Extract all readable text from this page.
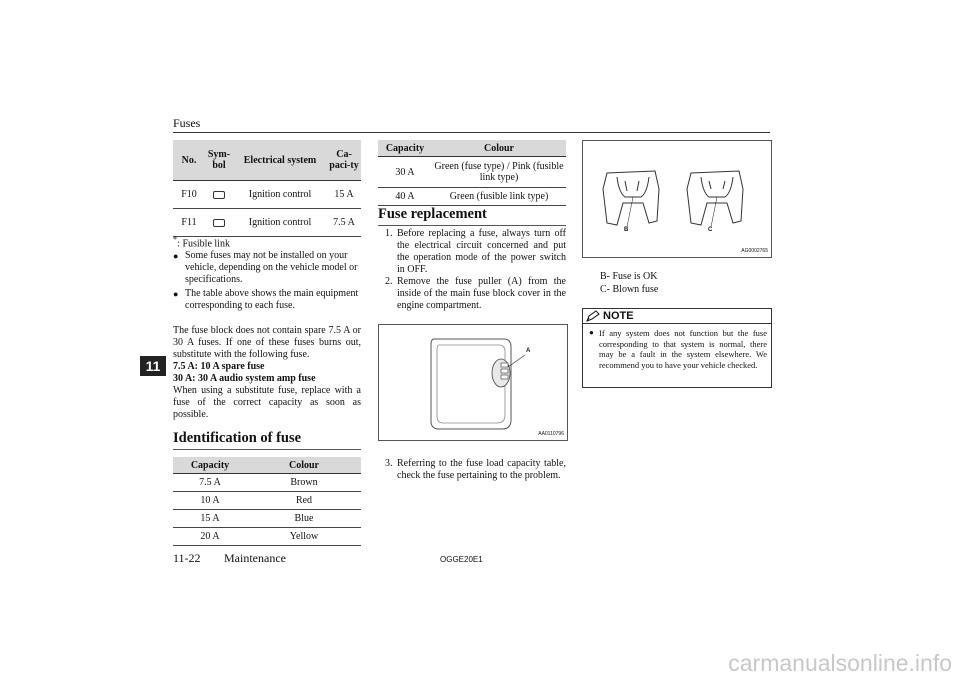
Fuses
11
No.	Sym-bol	Electrical system	Ca-paci-ty
F10		Ignition control	15 A
F11		Ignition control	7.5 A
*: Fusible link
● Some fuses may not be installed on your vehicle, depending on the vehicle model or specifications.
● The table above shows the main equipment corresponding to each fuse.
The fuse block does not contain spare 7.5 A or 30 A fuses. If one of these fuses burns out, substitute with the following fuse.
7.5 A: 10 A spare fuse
30 A: 30 A audio system amp fuse
When using a substitute fuse, replace with a fuse of the correct capacity as soon as possible.
Identification of fuse
Capacity	Colour
7.5 A	Brown
10 A	Red
15 A	Blue
20 A	Yellow
Capacity	Colour
30 A	Green (fuse type) / Pink (fusible link type)
40 A	Green (fusible link type)
Fuse replacement
1. Before replacing a fuse, always turn off the electrical circuit concerned and put the operation mode of the power switch in OFF.
2. Remove the fuse puller (A) from the inside of the main fuse block cover in the engine compartment.
A
AA0110796
3. Referring to the fuse load capacity table, check the fuse pertaining to the problem.
B	C
AG0002765
B- Fuse is OK
C- Blown fuse
NOTE
● If any system does not function but the fuse corresponding to that system is normal, there may be a fault in the system elsewhere. We recommend you to have your vehicle checked.
11-22 Maintenance	OGGE20E1
carmanualsonline.info
